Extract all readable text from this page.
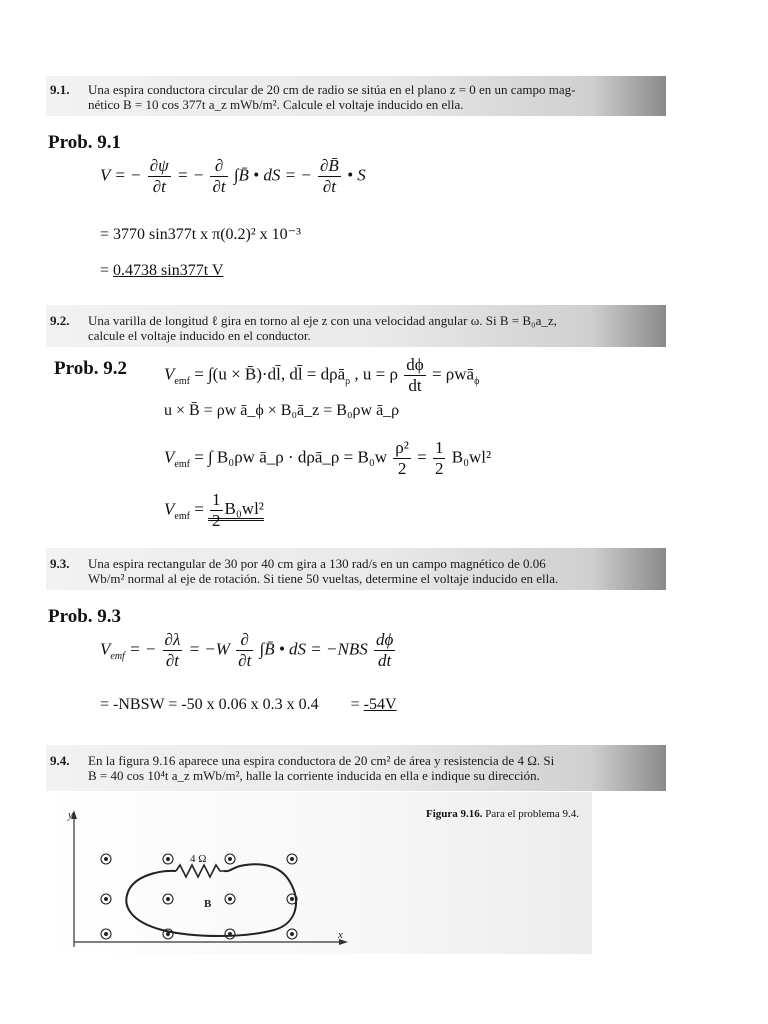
9.1. Una espira conductora circular de 20 cm de radio se sitúa en el plano z = 0 en un campo mag-
nético B = 10 cos 377t a_z mWb/m². Calcule el voltaje inducido en ella.
Prob. 9.1
V = − $\frac{\partial\psi}{\partial t}$ = − $\frac{\partial}{\partial t}$ ∫B̄ • dS = − $\frac{\partial B̄}{\partial t}$ • S
= 3770 sin377t x π(0.2)² x 10⁻³
= 0.4738 sin377t V
9.2. Una varilla de longitud ℓ gira en torno al eje z con una velocidad angular ω. Si B = B₀a_z,
calcule el voltaje inducido en el conductor.
Prob. 9.2 $V_{emf} = \int(u$ × B̄)·dl̄, dl̄ = dρā$_\rho$ , u = ρ $\frac{d\phi}{dt}$ = ρwā$_\phi$
u × B̄ = ρw ā_ϕ × B₀ā_z = B₀ρw ā_ρ
$V_{emf}$ = ∫ B₀ρw ā_ρ · dρā_ρ = $B_0w \frac{\text{ρ²}}{2} = \frac{1}{2} B_0wl^2$
$V_{emf} = \frac{1}{2} B_0wl^2$
9.3. Una espira rectangular de 30 por 40 cm gira a 130 rad/s en un campo magnético de 0.06
Wb/m² normal al eje de rotación. Si tiene 50 vueltas, determine el voltaje inducido en ella.
Prob. 9.3
$V_{emf}$ = − $\frac{\partial\lambda}{\partial t} = -W \frac{\partial}{\partial t}$ ∫B̄ • dS = $-NBS \frac{d\phi}{dt}$
= -NBSW = -50 x 0.06 x 0.3 x 0.4 = -54V
9.4. En la figura 9.16 aparece una espira conductora de 20 cm² de área y resistencia de 4 Ω. Si
B = 40 cos 10⁴t a_z mWb/m², halle la corriente inducida en ella e indique su dirección.
Figura 9.16. Para el problema 9.4.
4 Ω
B
x
y
